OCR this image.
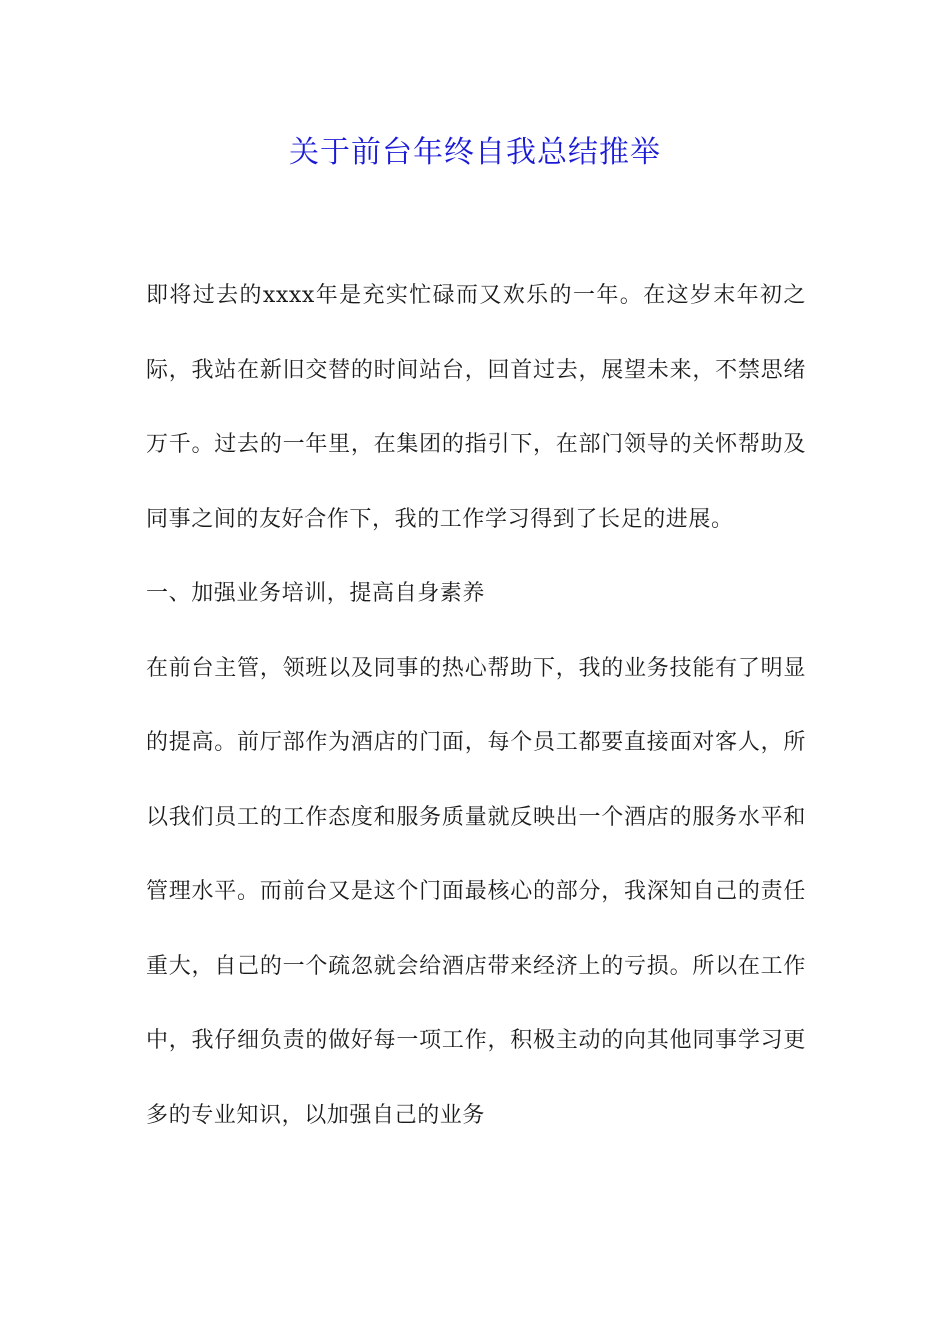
关于前台年终自我总结推举

即将过去的xxxx年是充实忙碌而又欢乐的一年。在这岁末年初之际，我站在新旧交替的时间站台，回首过去，展望未来，不禁思绪万千。过去的一年里，在集团的指引下，在部门领导的关怀帮助及同事之间的友好合作下，我的工作学习得到了长足的进展。

一、加强业务培训，提高自身素养

在前台主管，领班以及同事的热心帮助下，我的业务技能有了明显的提高。前厅部作为酒店的门面，每个员工都要直接面对客人，所以我们员工的工作态度和服务质量就反映出一个酒店的服务水平和管理水平。而前台又是这个门面最核心的部分，我深知自己的责任重大，自己的一个疏忽就会给酒店带来经济上的亏损。所以在工作中，我仔细负责的做好每一项工作，积极主动的向其他同事学习更多的专业知识，以加强自己的业务
